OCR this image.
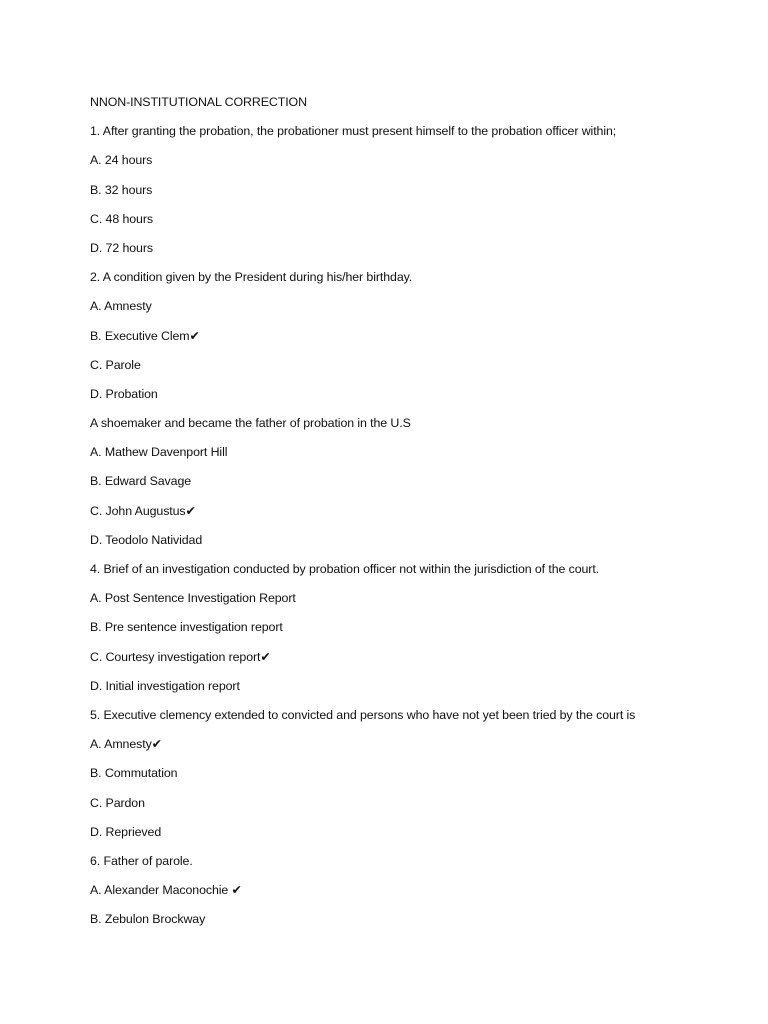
NNON-INSTITUTIONAL CORRECTION
1. After granting the probation, the probationer must present himself to the probation officer within;
A. 24 hours
B. 32 hours
C. 48 hours
D. 72 hours
2. A condition given by the President during his/her birthday.
A. Amnesty
B. Executive Clem✔
C. Parole
D. Probation
A shoemaker and became the father of probation in the U.S
A. Mathew Davenport Hill
B. Edward Savage
C. John Augustus✔
D. Teodolo Natividad
4. Brief of an investigation conducted by probation officer not within the jurisdiction of the court.
A. Post Sentence Investigation Report
B. Pre sentence investigation report
C. Courtesy investigation report✔
D. Initial investigation report
5. Executive clemency extended to convicted and persons who have not yet been tried by the court is
A. Amnesty✔
B. Commutation
C. Pardon
D. Reprieved
6. Father of parole.
A. Alexander Maconochie ✔
B. Zebulon Brockway
